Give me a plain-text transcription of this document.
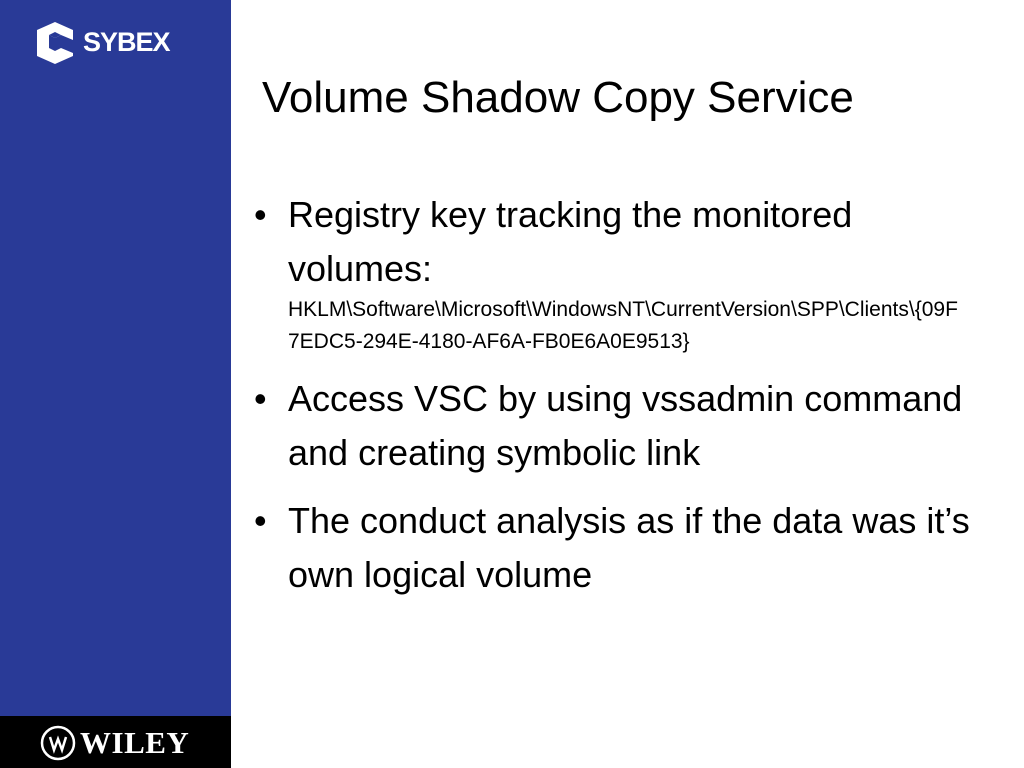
SYBEX
WILEY
Volume Shadow Copy Service
• Registry key tracking the monitored volumes:
HKLM\Software\Microsoft\WindowsNT\CurrentVersion\SPP\Clients\{09F7EDC5-294E-4180-AF6A-FB0E6A0E9513}
• Access VSC by using vssadmin command and creating symbolic link
• The conduct analysis as if the data was it’s own logical volume
